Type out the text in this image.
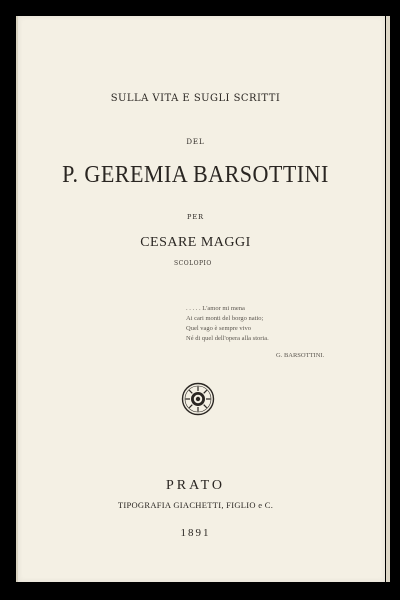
SULLA VITA E SUGLI SCRITTI
DEL
P. GEREMIA BARSOTTINI
PER
CESARE MAGGI
SCOLOPIO
. . . . . L'amor mi mena
Ai cari monti del borgo natio;
Quel vago è sempre vivo
Né di quel dell'opera alla storia.
G. BARSOTTINI.
PRATO
TIPOGRAFIA GIACHETTI, FIGLIO e C.
1891
